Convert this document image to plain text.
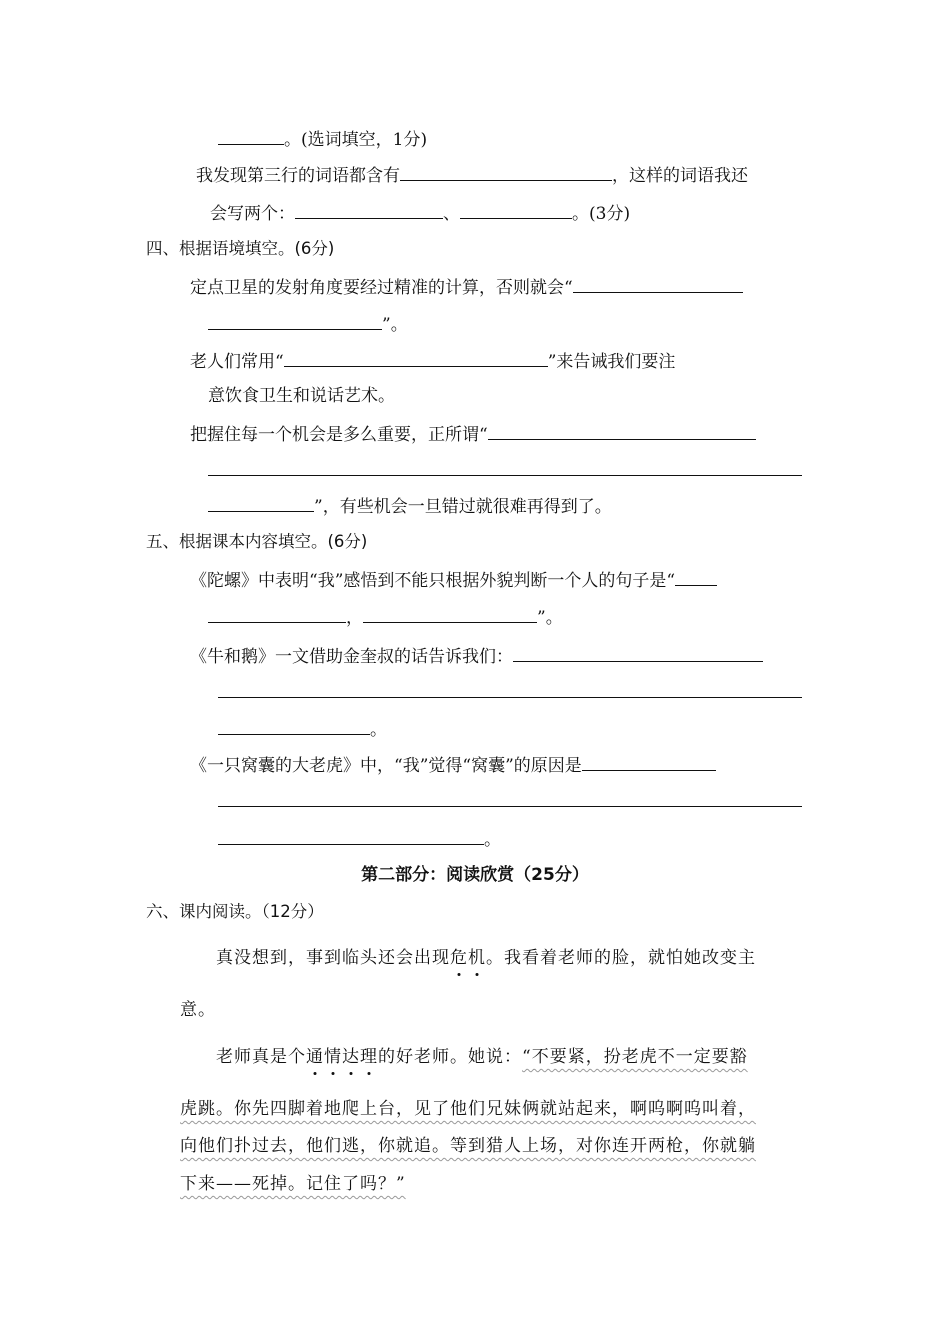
。(选词填空，1分)
我发现第三行的词语都含有	，这样的词语我还
会写两个：	、	。(3分)
四、根据语境填空。(6分)
定点卫星的发射角度要经过精准的计算，否则就会“
”。
老人们常用“	”来告诫我们要注
意饮食卫生和说话艺术。
把握住每一个机会是多么重要，正所谓“
”，有些机会一旦错过就很难再得到了。
五、根据课本内容填空。(6分)
《陀螺》中表明“我”感悟到不能只根据外貌判断一个人的句子是“
，	”。
《牛和鹅》一文借助金奎叔的话告诉我们：
。
《一只窝囊的大老虎》中，“我”觉得“窝囊”的原因是
。
第二部分：阅读欣赏（25分）
六、课内阅读。（12分）
真没想到，事到临头还会出现危机。我看着老师的脸，就怕她改变主
意。
老师真是个通情达理的好老师。她说：“不要紧，扮老虎不一定要豁
虎跳。你先四脚着地爬上台，见了他们兄妹俩就站起来，啊呜啊呜叫着，
向他们扑过去，他们逃，你就追。等到猎人上场，对你连开两枪，你就躺
下来——死掉。记住了吗？”
